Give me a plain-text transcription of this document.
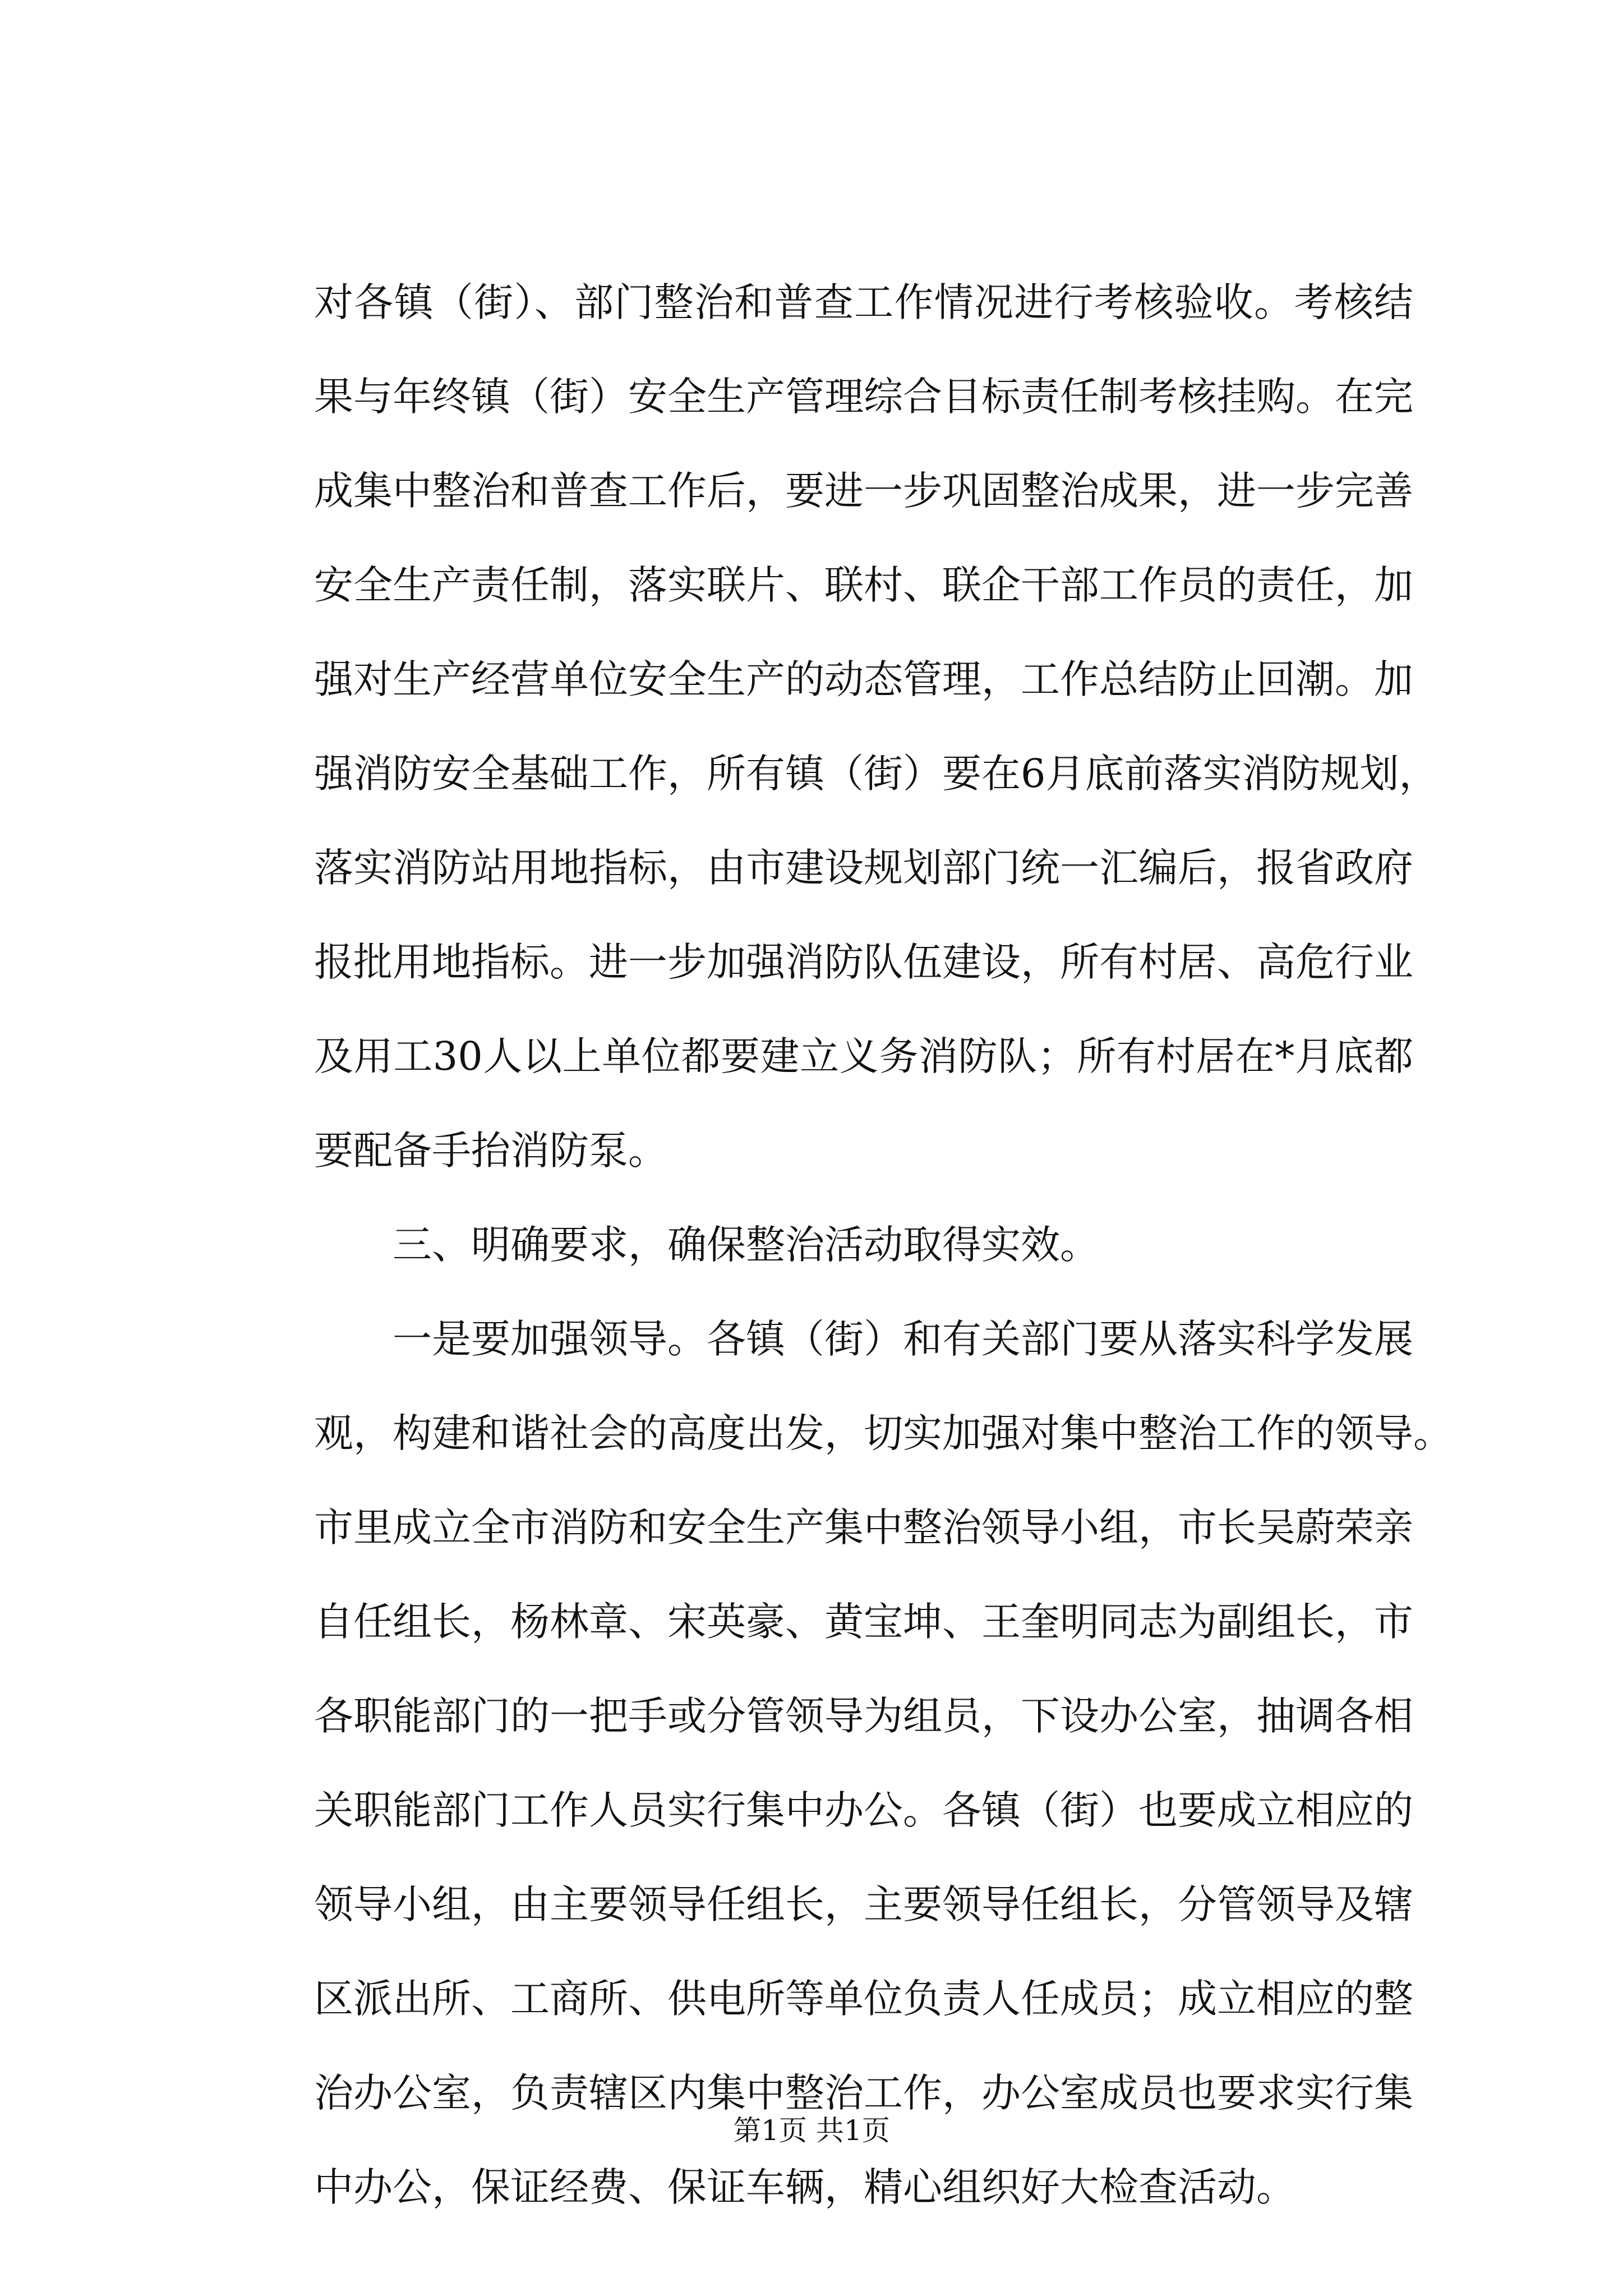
对各镇（街）、部门整治和普查工作情况进行考核验收。考核结
果与年终镇（街）安全生产管理综合目标责任制考核挂购。在完
成集中整治和普查工作后，要进一步巩固整治成果，进一步完善
安全生产责任制，落实联片、联村、联企干部工作员的责任，加
强对生产经营单位安全生产的动态管理，工作总结防止回潮。加
强消防安全基础工作，所有镇（街）要在6月底前落实消防规划，
落实消防站用地指标，由市建设规划部门统一汇编后，报省政府
报批用地指标。进一步加强消防队伍建设，所有村居、高危行业
及用工30人以上单位都要建立义务消防队；所有村居在*月底都
要配备手抬消防泵。
三、明确要求，确保整治活动取得实效。
一是要加强领导。各镇（街）和有关部门要从落实科学发展
观，构建和谐社会的高度出发，切实加强对集中整治工作的领导。
市里成立全市消防和安全生产集中整治领导小组，市长吴蔚荣亲
自任组长，杨林章、宋英豪、黄宝坤、王奎明同志为副组长，市
各职能部门的一把手或分管领导为组员，下设办公室，抽调各相
关职能部门工作人员实行集中办公。各镇（街）也要成立相应的
领导小组，由主要领导任组长，主要领导任组长，分管领导及辖
区派出所、工商所、供电所等单位负责人任成员；成立相应的整
治办公室，负责辖区内集中整治工作，办公室成员也要求实行集
中办公，保证经费、保证车辆，精心组织好大检查活动。
第1页 共1页
